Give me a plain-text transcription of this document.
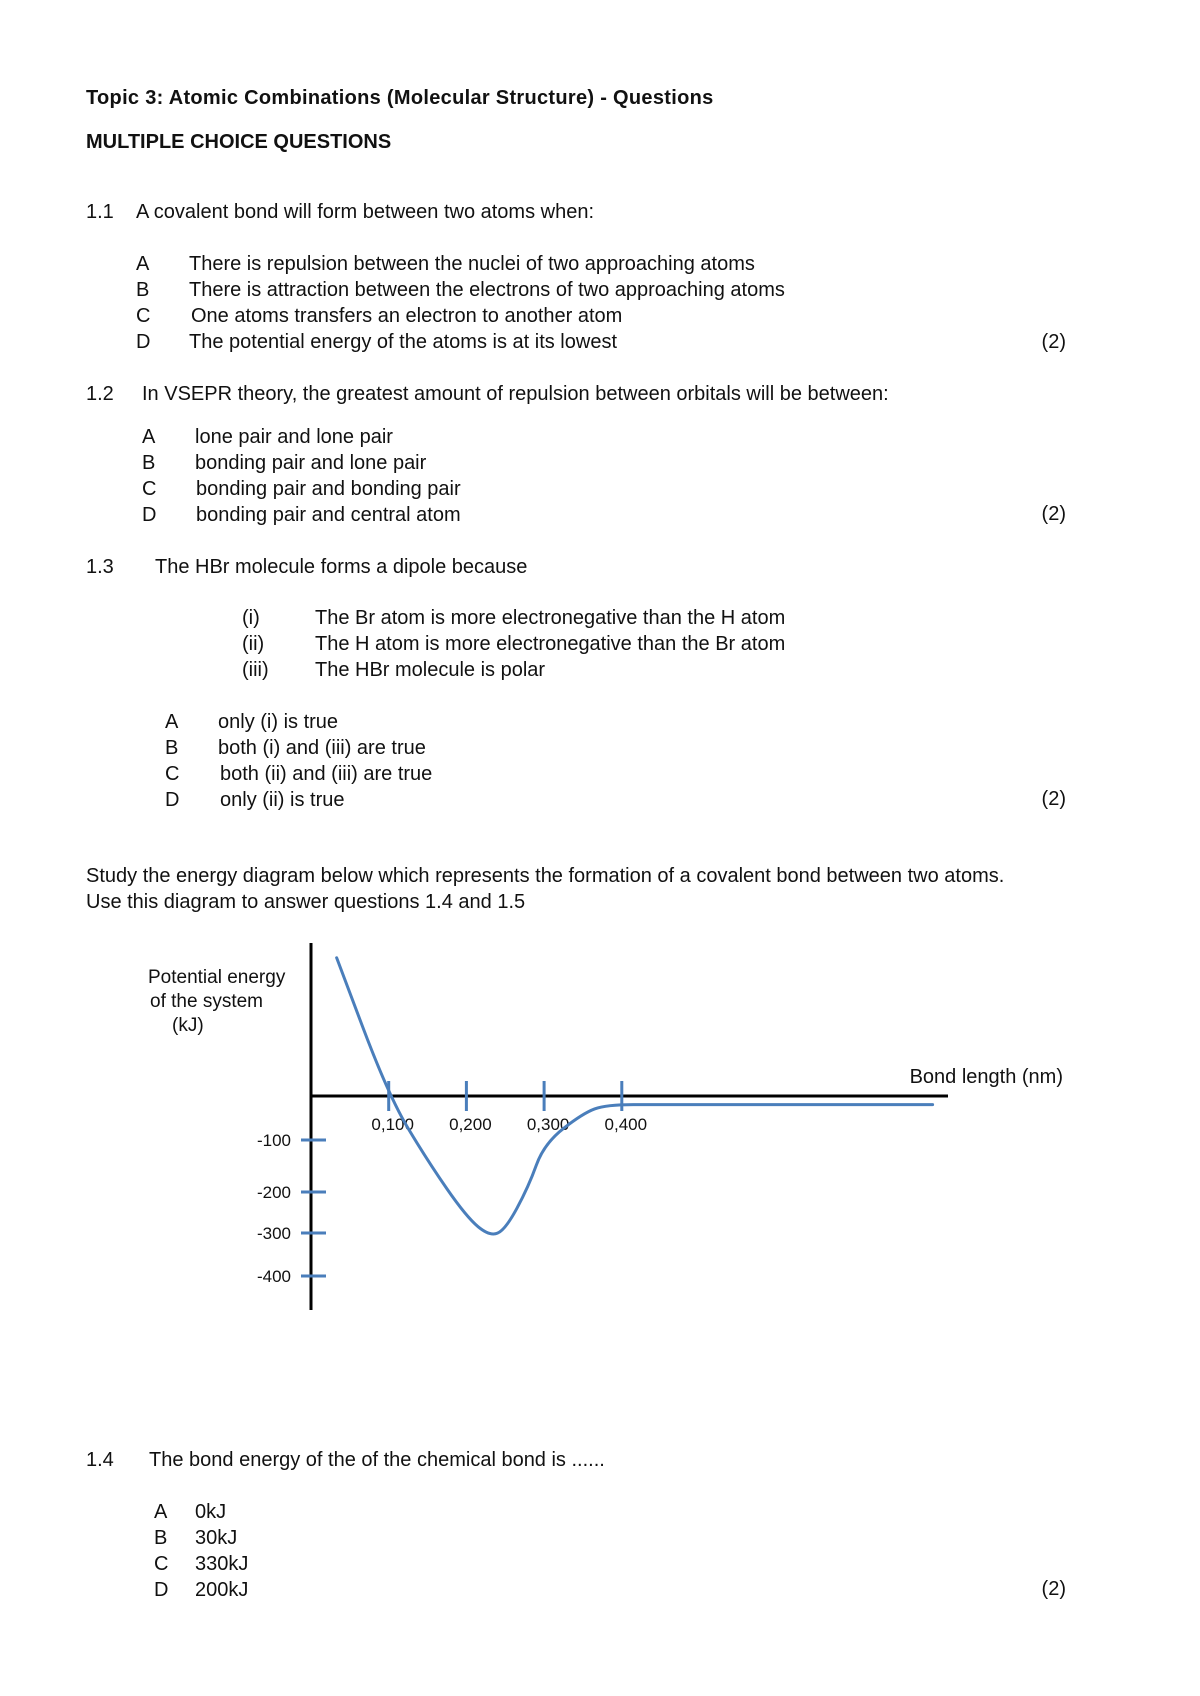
Topic 3: Atomic Combinations (Molecular Structure) - Questions
MULTIPLE CHOICE QUESTIONS
1.1 A covalent bond will form between two atoms when:
A There is repulsion between the nuclei of two approaching atoms
B There is attraction between the electrons of two approaching atoms
C One atoms transfers an electron to another atom
D The potential energy of the atoms is at its lowest	(2)
1.2 In VSEPR theory, the greatest amount of repulsion between orbitals will be between:
A lone pair and lone pair
B bonding pair and lone pair
C bonding pair and bonding pair
D bonding pair and central atom	(2)
1.3 The HBr molecule forms a dipole because
(i)	The Br atom is more electronegative than the H atom
(ii)	The H atom is more electronegative than the Br atom
(iii) The HBr molecule is polar
A only (i) is true
B both (i) and (iii) are true
C both (ii) and (iii) are true
D only (ii) is true	(2)
Study the energy diagram below which represents the formation of a covalent bond between two atoms.
Use this diagram to answer questions 1.4 and 1.5
Potential energy
of the system
(kJ)
Bond length (nm)
0,100 0,200 0,300 0,400
-100
-200
-300
-400
1.4 The bond energy of the of the chemical bond is ......
A 0kJ
B 30kJ
C 330kJ
D 200kJ	(2)
